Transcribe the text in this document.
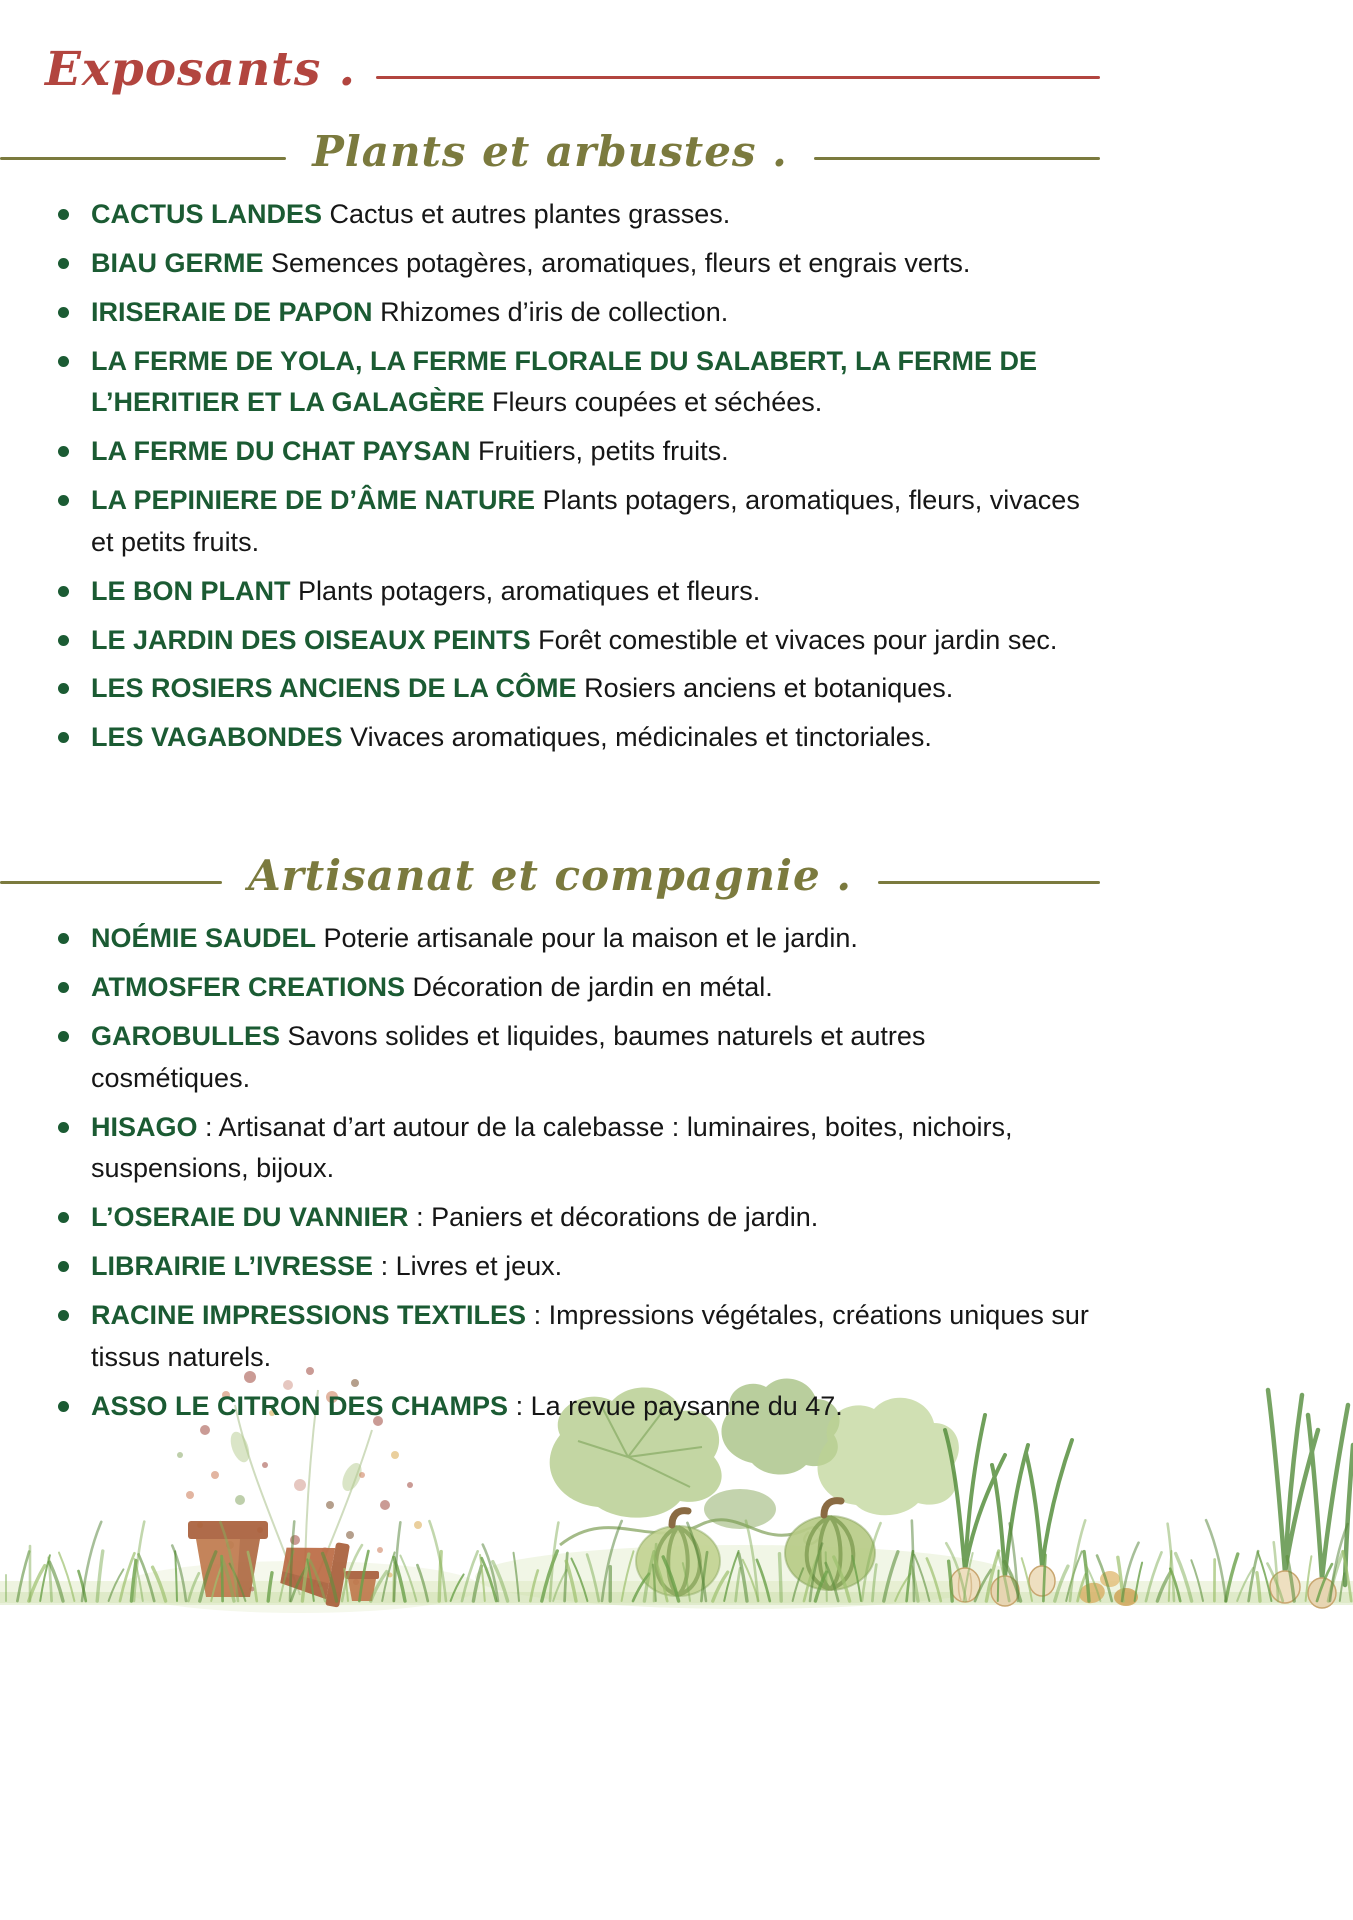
Exposants .
Plants et arbustes .

CACTUS LANDES Cactus et autres plantes grasses.

BIAU GERME Semences potagères, aromatiques, fleurs et engrais verts.

IRISERAIE DE PAPON Rhizomes d’iris de collection.

LA FERME DE YOLA, LA FERME FLORALE DU SALABERT, LA FERME DE L’HERITIER ET LA GALAGÈRE Fleurs coupées et séchées.

LA FERME DU CHAT PAYSAN Fruitiers, petits fruits.

LA PEPINIERE DE D’ÂME NATURE Plants potagers, aromatiques, fleurs, vivaces et petits fruits.

LE BON PLANT Plants potagers, aromatiques et fleurs.

LE JARDIN DES OISEAUX PEINTS Forêt comestible et vivaces pour jardin sec.

LES ROSIERS ANCIENS DE LA CÔME Rosiers anciens et botaniques.

LES VAGABONDES Vivaces aromatiques, médicinales et tinctoriales.

Artisanat et compagnie .

NOÉMIE SAUDEL Poterie artisanale pour la maison et le jardin.

ATMOSFER CREATIONS Décoration de jardin en métal.

GAROBULLES Savons solides et liquides, baumes naturels et autres cosmétiques.

HISAGO : Artisanat d’art autour de la calebasse : luminaires, boites, nichoirs, suspensions, bijoux.

L’OSERAIE DU VANNIER : Paniers et décorations de jardin.

LIBRAIRIE L’IVRESSE : Livres et jeux.

RACINE IMPRESSIONS TEXTILES : Impressions végétales, créations uniques sur tissus naturels.

ASSO LE CITRON DES CHAMPS : La revue paysanne du 47.
